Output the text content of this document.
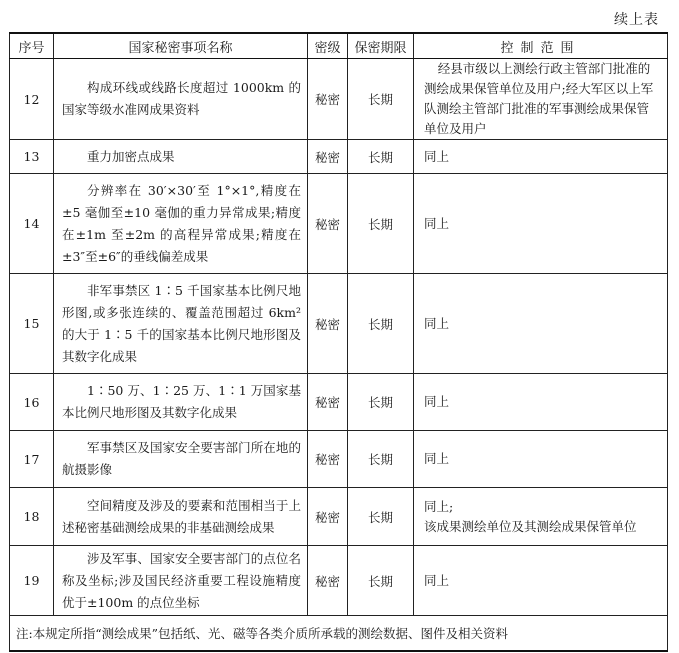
续上表
序号	国家秘密事项名称	密级	保密期限	控制范围
12	构成环线或线路长度超过 1000km 的国家等级水准网成果资料	秘密	长期	经县市级以上测绘行政主管部门批准的测绘成果保管单位及用户;经大军区以上军队测绘主管部门批准的军事测绘成果保管单位及用户

13	重力加密点成果	秘密	长期	同上

14	分辨率在 30′×30′至 1°×1°,精度在±5 毫伽至±10 毫伽的重力异常成果;精度在±1m 至±2m 的高程异常成果;精度在±3″至±6″的垂线偏差成果	秘密	长期	同上

15	非军事禁区 1∶5 千国家基本比例尺地形图,或多张连续的、覆盖范围超过 6km² 的大于 1∶5 千的国家基本比例尺地形图及其数字化成果	秘密	长期	同上

16	1∶50 万、1∶25 万、1∶1 万国家基本比例尺地形图及其数字化成果	秘密	长期	同上

17	军事禁区及国家安全要害部门所在地的航摄影像	秘密	长期	同上

18	空间精度及涉及的要素和范围相当于上述秘密基础测绘成果的非基础测绘成果	秘密	长期	同上;
该成果测绘单位及其测绘成果保管单位

19	涉及军事、国家安全要害部门的点位名称及坐标;涉及国民经济重要工程设施精度优于±100m 的点位坐标	秘密	长期	同上

注:本规定所指“测绘成果”包括纸、光、磁等各类介质所承载的测绘数据、图件及相关资料				
